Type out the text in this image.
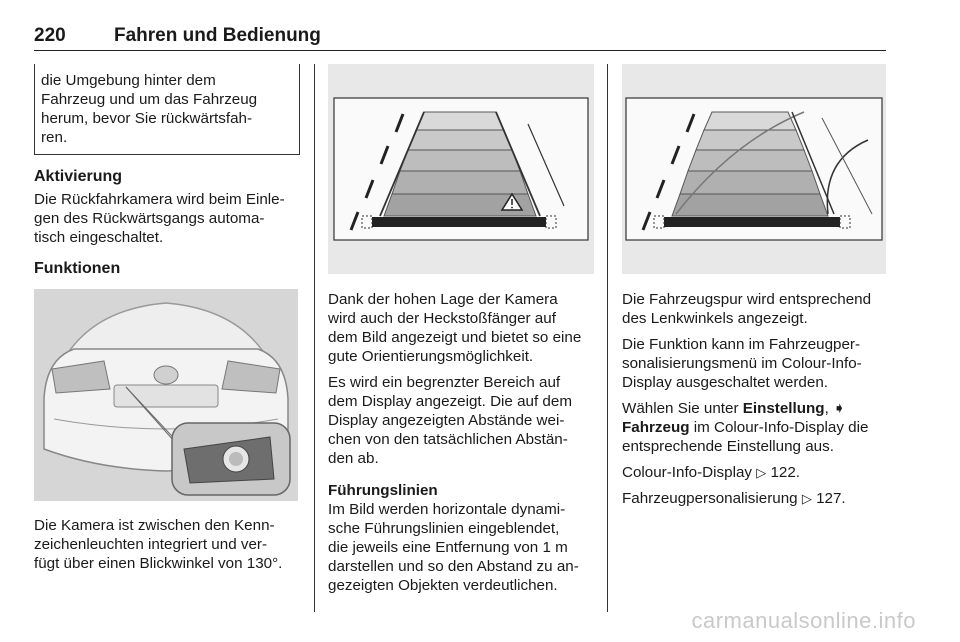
220	Fahren und Bedienung

die Umgebung hinter dem

Fahrzeug und um das Fahrzeug

herum, bevor Sie rückwärtsfah-

ren.

Aktivierung

Die Rückfahrkamera wird beim Einle-

gen des Rückwärtsgangs automa-

tisch eingeschaltet.

Funktionen

Die Kamera ist zwischen den Kenn-

zeichenleuchten integriert und ver-

fügt über einen Blickwinkel von 130°.

Dank der hohen Lage der Kamera

wird auch der Heckstoßfänger auf

dem Bild angezeigt und bietet so eine

gute Orientierungsmöglichkeit.

Es wird ein begrenzter Bereich auf

dem Display angezeigt. Die auf dem

Display angezeigten Abstände wei-

chen von den tatsächlichen Abstän-

den ab.

Führungslinien

Im Bild werden horizontale dynami-

sche Führungslinien eingeblendet,

die jeweils eine Entfernung von 1 m

darstellen und so den Abstand zu an-

gezeigten Objekten verdeutlichen.

Die Fahrzeugspur wird entsprechend

des Lenkwinkels angezeigt.

Die Funktion kann im Fahrzeugper-

sonalisierungsmenü im Colour-Info-

Display ausgeschaltet werden.

Wählen Sie unter Einstellung, ➧

Fahrzeug im Colour-Info-Display die

entsprechende Einstellung aus.

Colour-Info-Display ▷ 122.

Fahrzeugpersonalisierung ▷ 127.

carmanualsonline.info
